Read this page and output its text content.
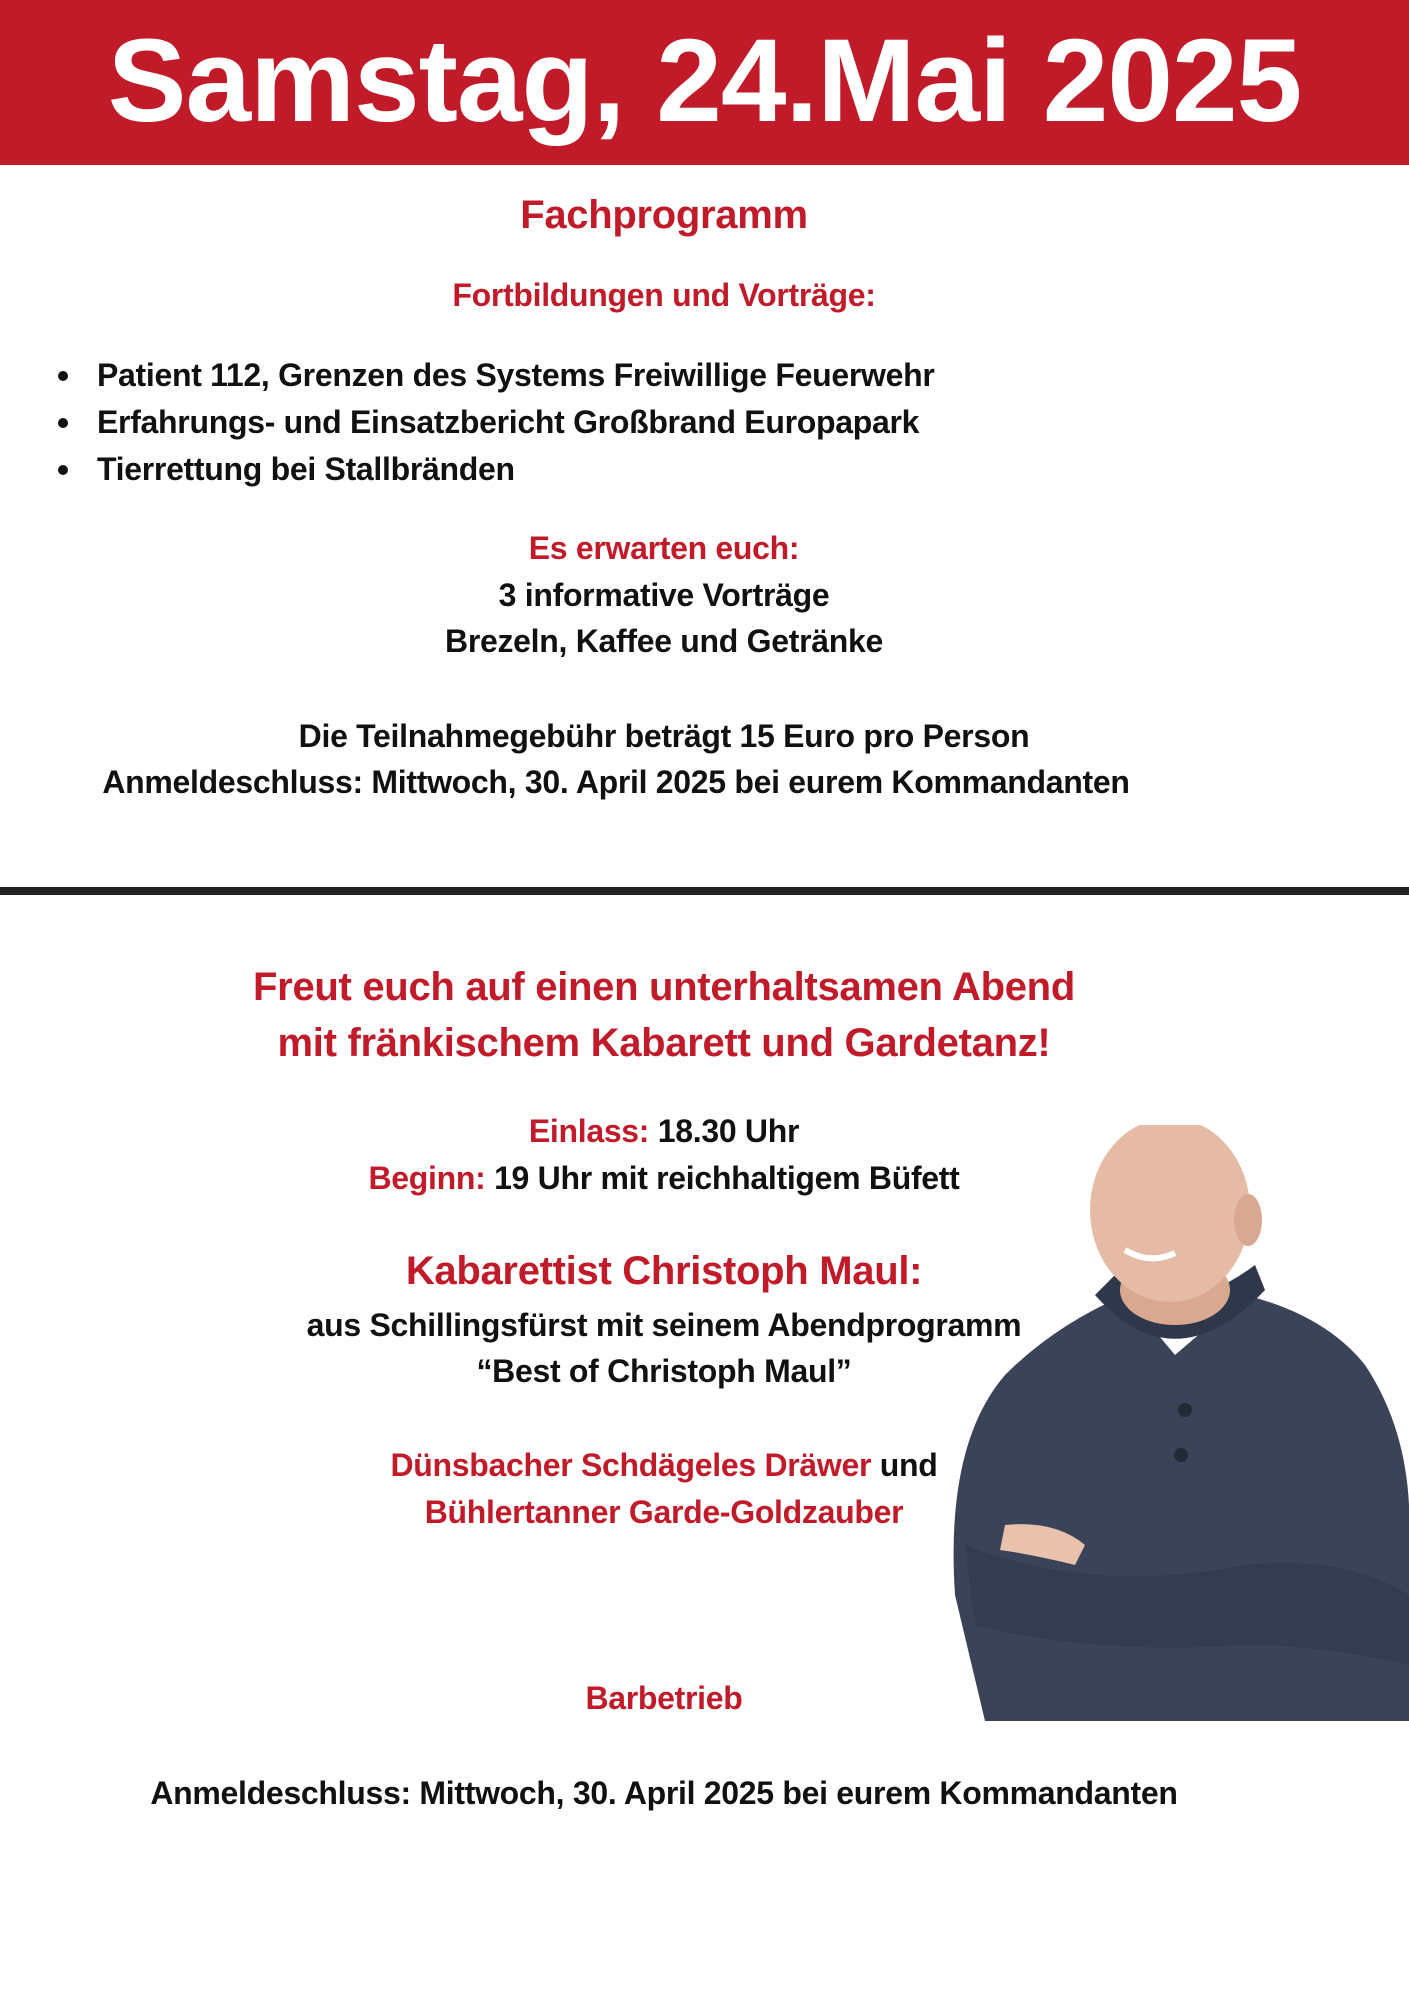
Samstag, 24.Mai 2025
Fachprogramm
Fortbildungen und Vorträge:
Patient 112, Grenzen des Systems Freiwillige Feuerwehr
Erfahrungs- und Einsatzbericht Großbrand Europapark
Tierrettung bei Stallbränden
Es erwarten euch:
3 informative Vorträge
Brezeln, Kaffee und Getränke
Die Teilnahmegebühr beträgt 15 Euro pro Person
Anmeldeschluss: Mittwoch, 30. April 2025 bei eurem Kommandanten
Freut euch auf einen unterhaltsamen Abend
mit fränkischem Kabarett und Gardetanz!
Einlass: 18.30 Uhr
Beginn: 19 Uhr mit reichhaltigem Büfett
Kabarettist Christoph Maul:
aus Schillingsfürst mit seinem Abendprogramm
“Best of Christoph Maul”
Dünsbacher Schdägeles Dräwer und
Bühlertanner Garde-Goldzauber
Barbetrieb
Anmeldeschluss: Mittwoch, 30. April 2025 bei eurem Kommandanten
